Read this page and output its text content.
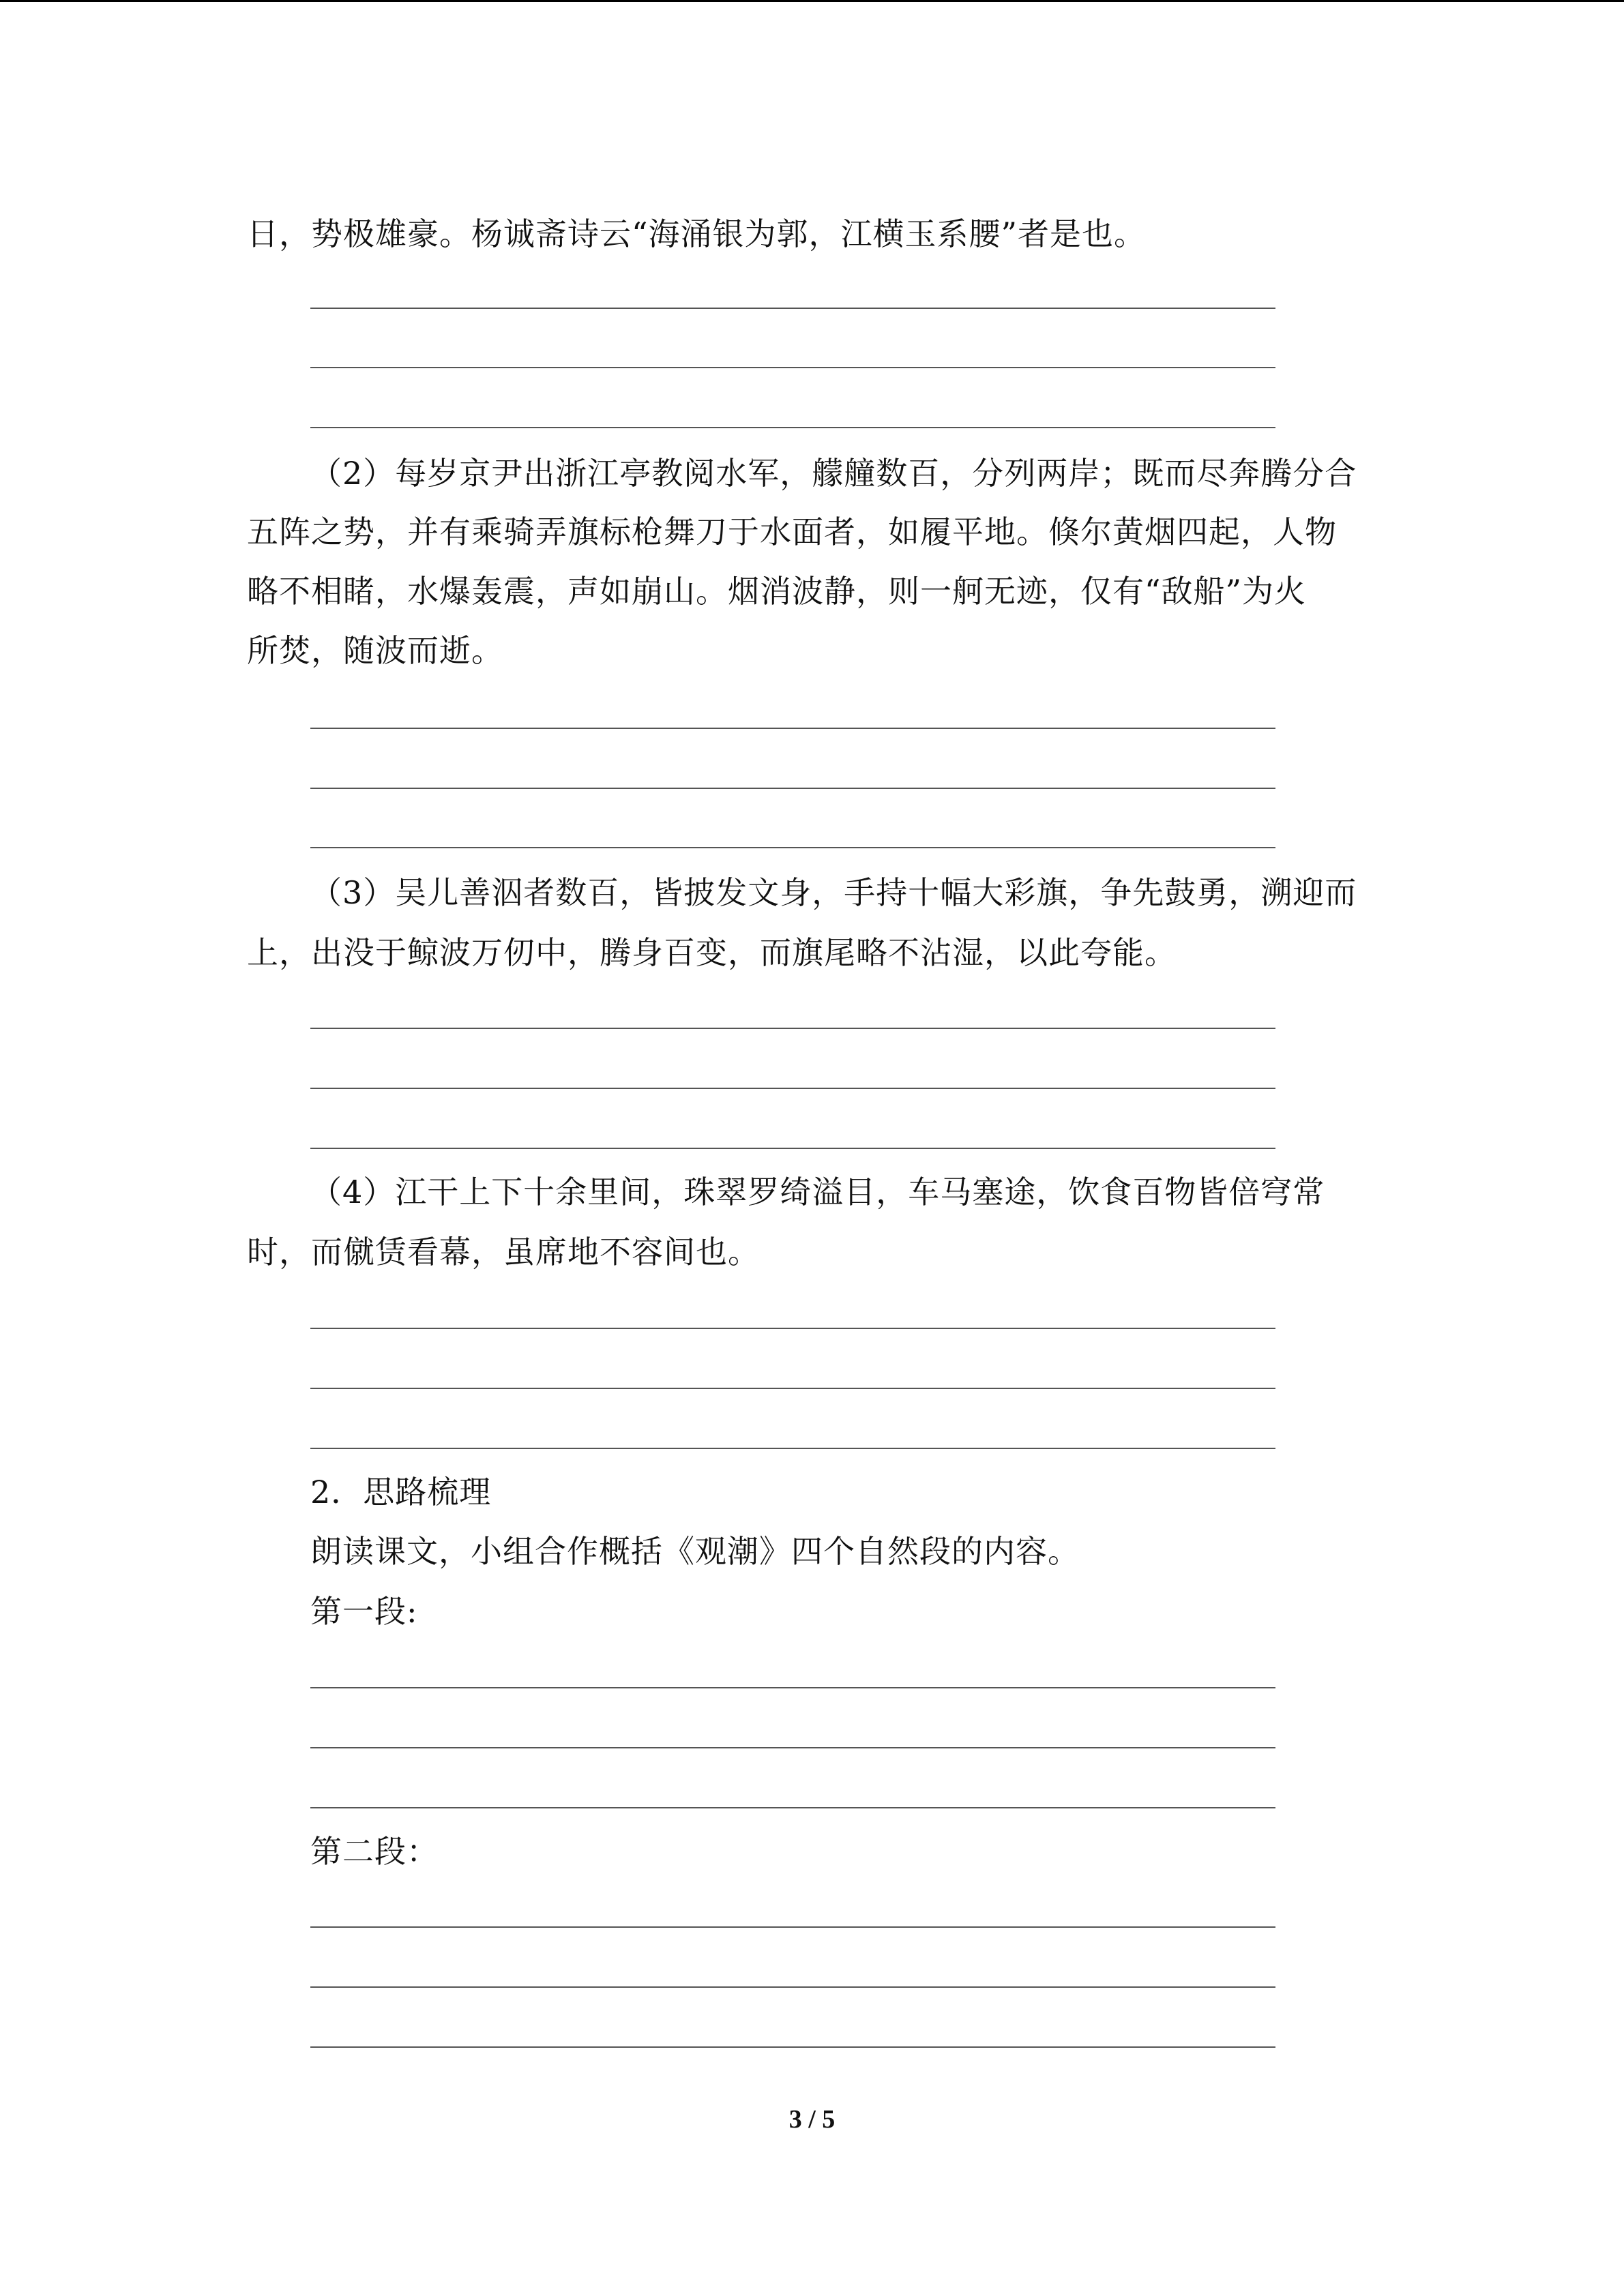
日，势极雄豪。杨诚斋诗云“海涌银为郭，江横玉系腰”者是也。
（2）每岁京尹出浙江亭教阅水军，艨艟数百，分列两岸；既而尽奔腾分合
五阵之势，并有乘骑弄旗标枪舞刀于水面者，如履平地。倏尔黄烟四起，人物
略不相睹，水爆轰震，声如崩山。烟消波静，则一舸无迹，仅有“敌船”为火
所焚，随波而逝。
（3）吴儿善泅者数百，皆披发文身，手持十幅大彩旗，争先鼓勇，溯迎而
上，出没于鲸波万仞中，腾身百变，而旗尾略不沾湿，以此夸能。
（4）江干上下十余里间，珠翠罗绮溢目，车马塞途，饮食百物皆倍穹常
时，而僦赁看幕，虽席地不容间也。
2．思路梳理
朗读课文，小组合作概括《观潮》四个自然段的内容。
第一段:
第二段：
3 / 5
